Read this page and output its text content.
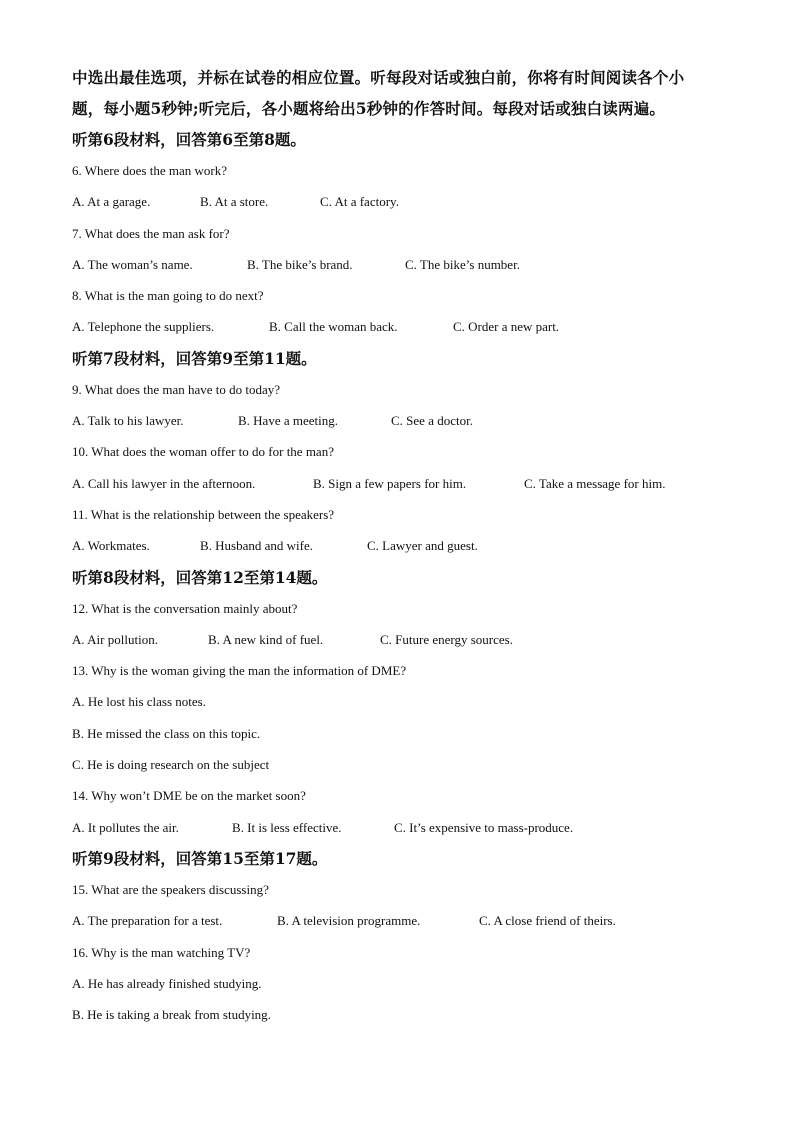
中选出最佳选项，并标在试卷的相应位置。听每段对话或独白前，你将有时间阅读各个小

题，每小题5秒钟;听完后，各小题将给出5秒钟的作答时间。每段对话或独白读两遍。

听第6段材料，回答第6至第8题。

6. Where does the man work?

A. At a garage.	B. At a store.	C. At a factory.

7. What does the man ask for?

A. The woman’s name.	B. The bike’s brand.	C. The bike’s number.

8. What is the man going to do next?

A. Telephone the suppliers.	B. Call the woman back.	C. Order a new part.

听第7段材料，回答第9至第11题。

9. What does the man have to do today?

A. Talk to his lawyer.	B. Have a meeting.	C. See a doctor.

10. What does the woman offer to do for the man?

A. Call his lawyer in the afternoon.	B. Sign a few papers for him.	C. Take a message for him.

11. What is the relationship between the speakers?

A. Workmates.	B. Husband and wife.	C. Lawyer and guest.

听第8段材料，回答第12至第14题。

12. What is the conversation mainly about?

A. Air pollution.	B. A new kind of fuel.	C. Future energy sources.

13. Why is the woman giving the man the information of DME?

A. He lost his class notes.

B. He missed the class on this topic.

C. He is doing research on the subject

14. Why won’t DME be on the market soon?

A. It pollutes the air.	B. It is less effective.	C. It’s expensive to mass-produce.

听第9段材料，回答第15至第17题。

15. What are the speakers discussing?

A. The preparation for a test.	B. A television programme.	C. A close friend of theirs.

16. Why is the man watching TV?

A. He has already finished studying.

B. He is taking a break from studying.
